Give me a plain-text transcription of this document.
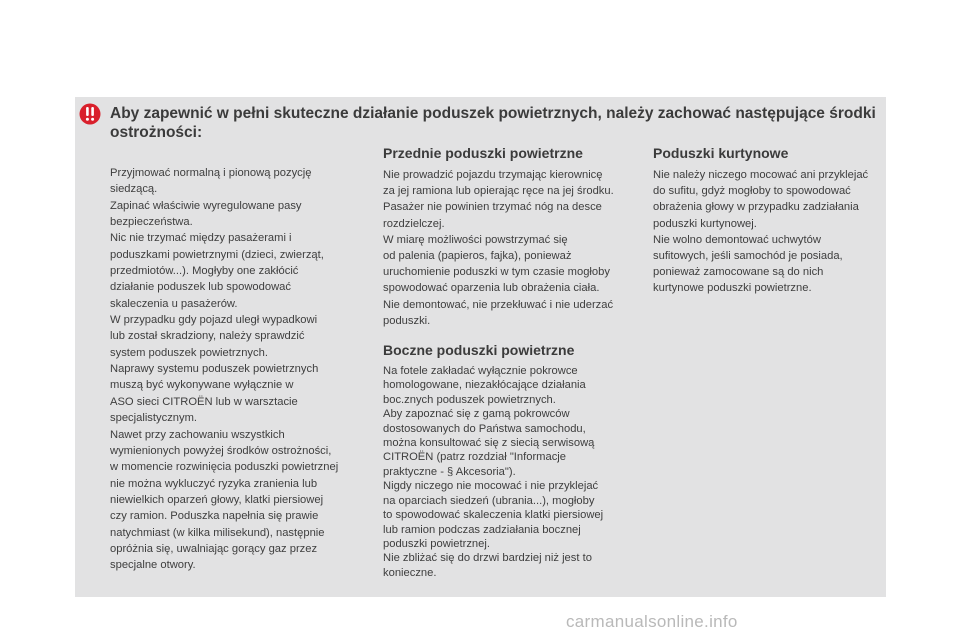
Aby zapewnić w pełni skuteczne działanie poduszek powietrznych, należy zachować następujące środki ostrożności:

Przyjmować normalną i pionową pozycję
siedzącą.
Zapinać właściwie wyregulowane pasy
bezpieczeństwa.
Nic nie trzymać między pasażerami i
poduszkami powietrznymi (dzieci, zwierząt,
przedmiotów...). Mogłyby one zakłócić
działanie poduszek lub spowodować
skaleczenia u pasażerów.
W przypadku gdy pojazd uległ wypadkowi
lub został skradziony, należy sprawdzić
system poduszek powietrznych.
Naprawy systemu poduszek powietrznych
muszą być wykonywane wyłącznie w
ASO sieci CITROËN lub w warsztacie
specjalistycznym.
Nawet przy zachowaniu wszystkich
wymienionych powyżej środków ostrożności,
w momencie rozwinięcia poduszki powietrznej
nie można wykluczyć ryzyka zranienia lub
niewielkich oparzeń głowy, klatki piersiowej
czy ramion. Poduszka napełnia się prawie
natychmiast (w kilka milisekund), następnie
opróżnia się, uwalniając gorący gaz przez
specjalne otwory.

Przednie poduszki powietrzne

Nie prowadzić pojazdu trzymając kierownicę
za jej ramiona lub opierając ręce na jej środku.
Pasażer nie powinien trzymać nóg na desce
rozdzielczej.
W miarę możliwości powstrzymać się
od palenia (papieros, fajka), ponieważ
uruchomienie poduszki w tym czasie mogłoby
spowodować oparzenia lub obrażenia ciała.
Nie demontować, nie przekłuwać i nie uderzać
poduszki.

Boczne poduszki powietrzne

Na fotele zakładać wyłącznie pokrowce
homologowane, niezakłócające działania
boc.znych poduszek powietrznych.
Aby zapoznać się z gamą pokrowców
dostosowanych do Państwa samochodu,
można konsultować się z siecią serwisową
CITROËN (patrz rozdział "Informacje
praktyczne - § Akcesoria").
Nigdy niczego nie mocować i nie przyklejać
na oparciach siedzeń (ubrania...), mogłoby
to spowodować skaleczenia klatki piersiowej
lub ramion podczas zadziałania bocznej
poduszki powietrznej.
Nie zbliżać się do drzwi bardziej niż jest to
konieczne.

Poduszki kurtynowe

Nie należy niczego mocować ani przyklejać
do sufitu, gdyż mogłoby to spowodować
obrażenia głowy w przypadku zadziałania
poduszki kurtynowej.
Nie wolno demontować uchwytów
sufitowych, jeśli samochód je posiada,
ponieważ zamocowane są do nich
kurtynowe poduszki powietrzne.

carmanualsonline.info
